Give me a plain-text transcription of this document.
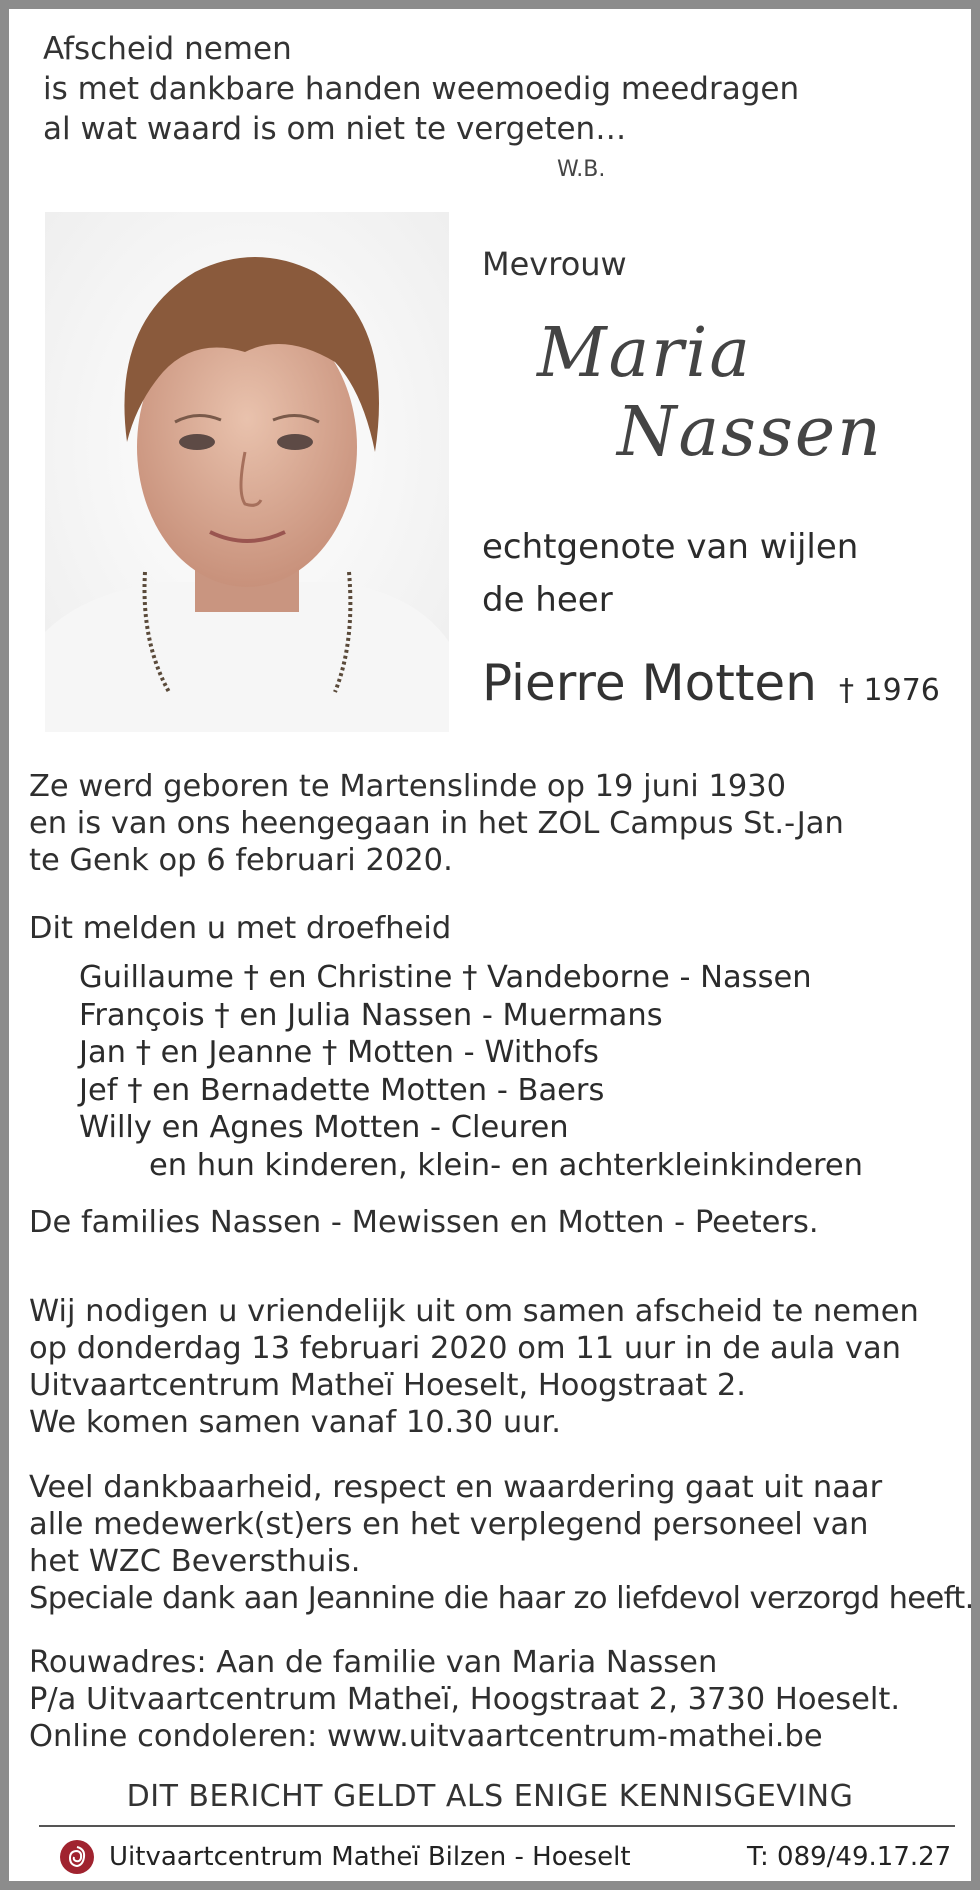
Afscheid nemen
is met dankbare handen weemoedig meedragen
al wat waard is om niet te vergeten…
W.B.
Mevrouw
Maria
Nassen
echtgenote van wijlen
de heer
Pierre Motten † 1976
Ze werd geboren te Martenslinde op 19 juni 1930
en is van ons heengegaan in het ZOL Campus St.-Jan
te Genk op 6 februari 2020.
Dit melden u met droefheid
Guillaume † en Christine † Vandeborne - Nassen
François † en Julia Nassen - Muermans
Jan † en Jeanne † Motten - Withofs
Jef † en Bernadette Motten - Baers
Willy en Agnes Motten - Cleuren
en hun kinderen, klein- en achterkleinkinderen
De families Nassen - Mewissen en Motten - Peeters.
Wij nodigen u vriendelijk uit om samen afscheid te nemen
op donderdag 13 februari 2020 om 11 uur in de aula van
Uitvaartcentrum Matheï Hoeselt, Hoogstraat 2.
We komen samen vanaf 10.30 uur.
Veel dankbaarheid, respect en waardering gaat uit naar
alle medewerk(st)ers en het verplegend personeel van
het WZC Beversthuis.
Speciale dank aan Jeannine die haar zo liefdevol verzorgd heeft.
Rouwadres: Aan de familie van Maria Nassen
P/a Uitvaartcentrum Matheï, Hoogstraat 2, 3730 Hoeselt.
Online condoleren: www.uitvaartcentrum-mathei.be
DIT BERICHT GELDT ALS ENIGE KENNISGEVING
Uitvaartcentrum Matheï Bilzen - Hoeselt	T: 089/49.17.27
